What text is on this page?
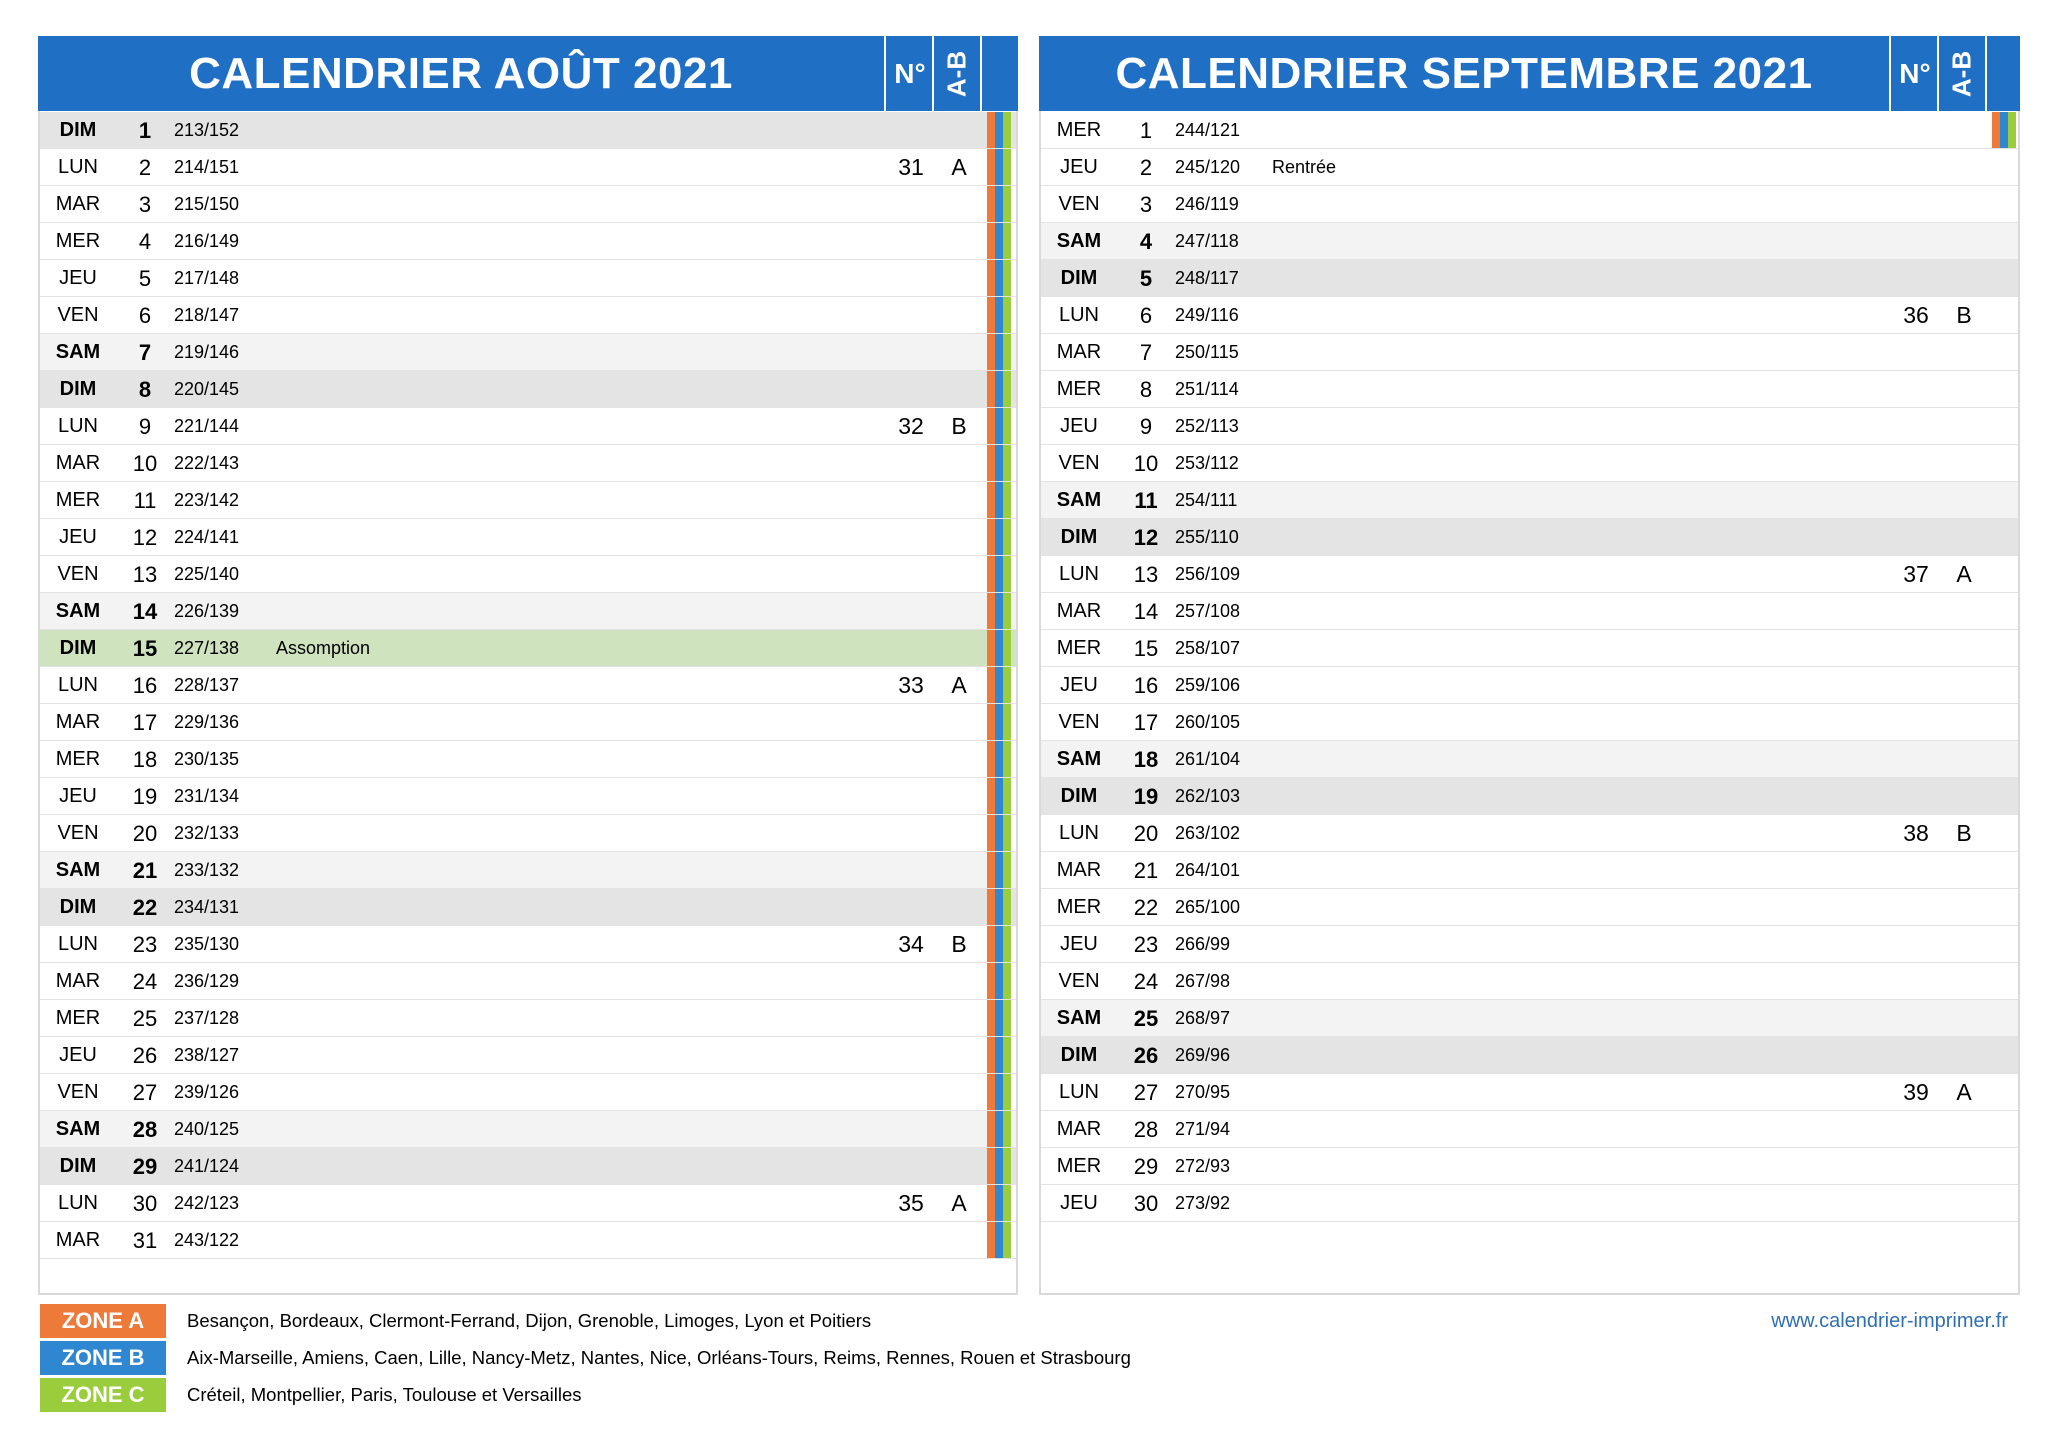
CALENDRIER AOÛT 2021	N° A-B
DIM	1	213/152
LUN	2	214/151	31	A
MAR	3	215/150
MER	4	216/149
JEU	5	217/148
VEN	6	218/147
SAM	7	219/146
DIM	8	220/145
LUN	9	221/144	32	B
MAR	10 222/143
MER	11 223/142
JEU	12 224/141
VEN	13 225/140
SAM	14 226/139
DIM	15 227/138 Assomption
LUN	16 228/137	33	A
MAR	17 229/136
MER	18 230/135
JEU	19 231/134
VEN	20 232/133
SAM	21 233/132
DIM	22 234/131
LUN	23 235/130	34	B
MAR	24 236/129
MER	25 237/128
JEU	26 238/127
VEN	27 239/126
SAM	28 240/125
DIM	29 241/124
LUN	30 242/123	35	A
MAR	31 243/122
CALENDRIER SEPTEMBRE 2021	N° A-B
MER	1	244/121
JEU	2	245/120 Rentrée
VEN	3	246/119
SAM	4	247/118
DIM	5	248/117
LUN	6	249/116	36	B
MAR	7	250/115
MER	8	251/114
JEU	9	252/113
VEN	10 253/112
SAM	11 254/111
DIM	12 255/110
LUN	13 256/109	37	A
MAR	14 257/108
MER	15 258/107
JEU	16 259/106
VEN	17 260/105
SAM	18 261/104
DIM	19 262/103
LUN	20 263/102	38	B
MAR	21 264/101
MER	22 265/100
JEU	23 266/99
VEN	24 267/98
SAM	25 268/97
DIM	26 269/96
LUN	27 270/95	39	A
MAR	28 271/94
MER	29 272/93
JEU	30 273/92
ZONE A	Besançon, Bordeaux, Clermont-Ferrand, Dijon, Grenoble, Limoges, Lyon et Poitiers
ZONE B	Aix-Marseille, Amiens, Caen, Lille, Nancy-Metz, Nantes, Nice, Orléans-Tours, Reims, Rennes, Rouen et Strasbourg
ZONE C	Créteil, Montpellier, Paris, Toulouse et Versailles
www.calendrier-imprimer.fr
